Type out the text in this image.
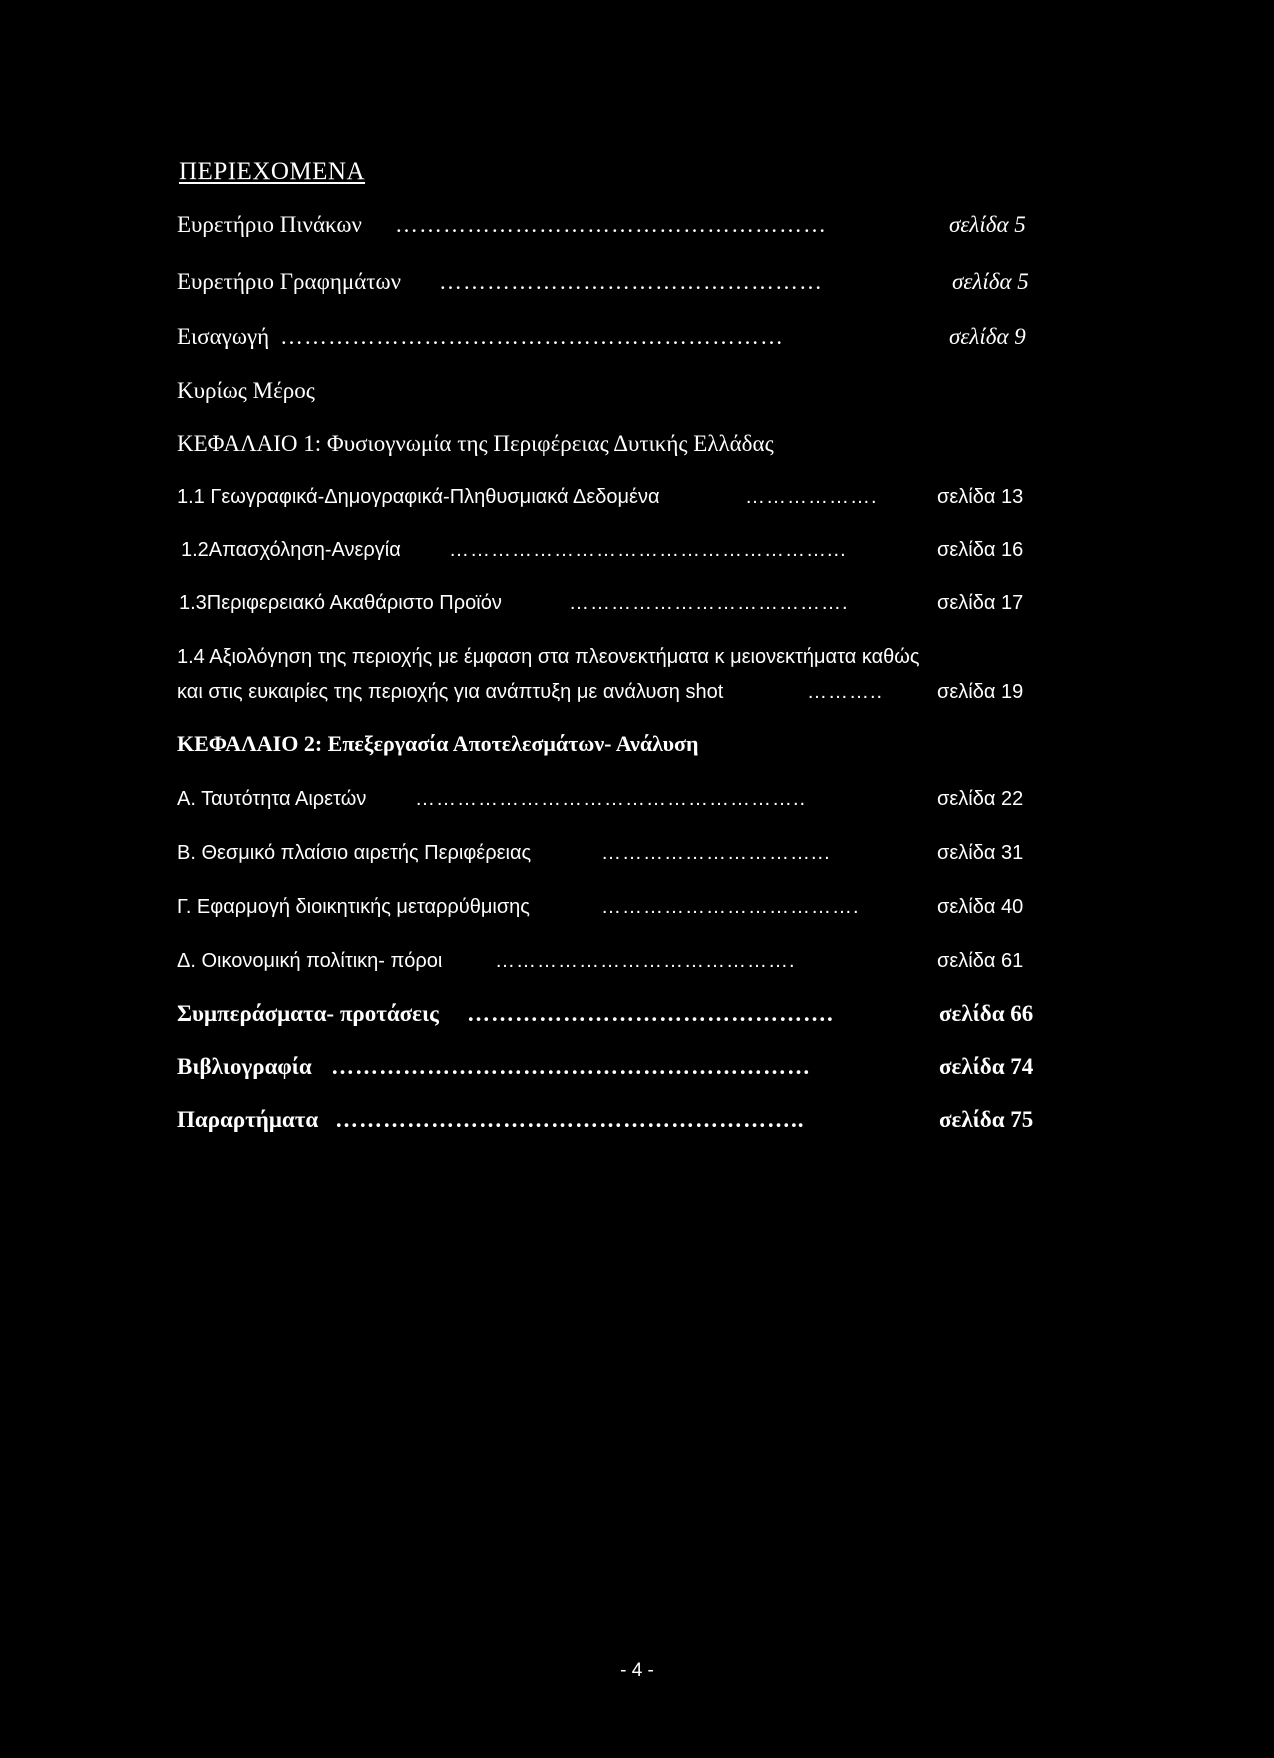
ΠΕΡΙΕΧΟΜΕΝΑ
Ευρετήριο Πινάκων ………………………………………………	σελίδα 5
Ευρετήριο Γραφημάτων …………………………………………	σελίδα 5
Εισαγωγή ………………………………………………………	σελίδα 9
Κυρίως Μέρος
ΚΕΦΑΛΑΙΟ 1: Φυσιογνωμία της Περιφέρειας Δυτικής Ελλάδας
1.1 Γεωγραφικά-Δημογραφικά-Πληθυσμιακά Δεδομένα	……………….	σελίδα 13
1.2Απασχόληση-Ανεργία ………………………………………………...	σελίδα 16
1.3Περιφερειακό Ακαθάριστο Προϊόν	………………………………….	σελίδα 17
1.4 Αξιολόγηση της περιοχής με έμφαση στα πλεονεκτήματα κ μειονεκτήματα καθώς
και στις ευκαιρίες της περιοχής για ανάπτυξη με ανάλυση shot	………..	σελίδα 19
ΚΕΦΑΛΑΙΟ 2: Επεξεργασία Αποτελεσμάτων- Ανάλυση
Α. Ταυτότητα Αιρετών ………………………………………………..	σελίδα 22
Β. Θεσμικό πλαίσιο αιρετής Περιφέρειας	…………………………...	σελίδα 31
Γ. Εφαρμογή διοικητικής μεταρρύθμισης	……………………………….	σελίδα 40
Δ. Οικονομική πολίτικη- πόροι	…………………………………….	σελίδα 61
Συμπεράσματα- προτάσεις ……………………………………….	σελίδα 66
Βιβλιογραφία ……………………………………………………	σελίδα 74
Παραρτήματα …………………………………………………..	σελίδα 75
- 4 -
